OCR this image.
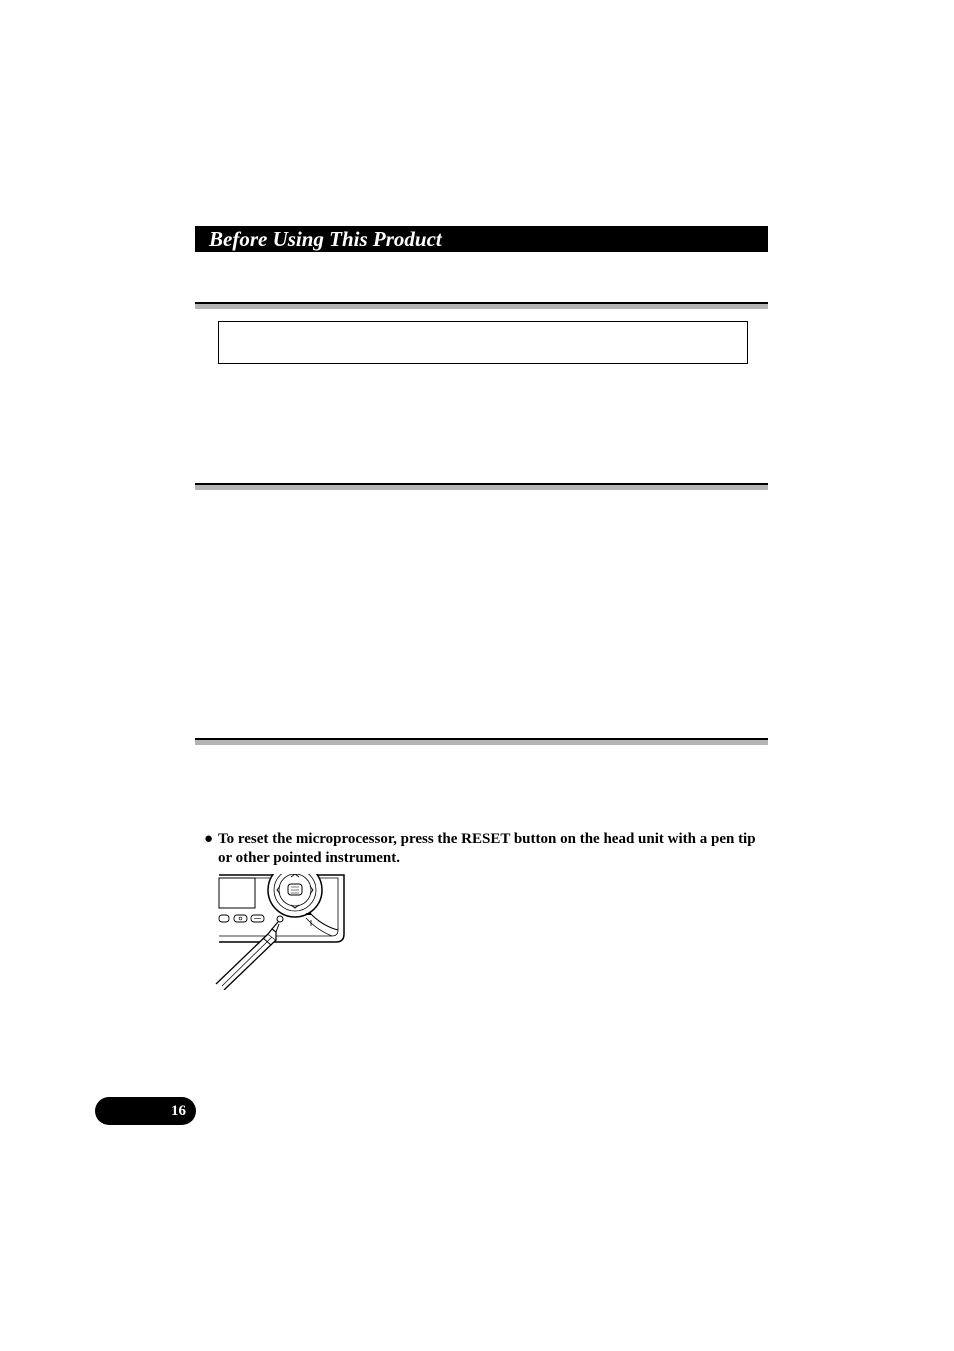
Before Using This Product
● To reset the microprocessor, press the RESET button on the head unit with a pen tip or other pointed instrument.
16
